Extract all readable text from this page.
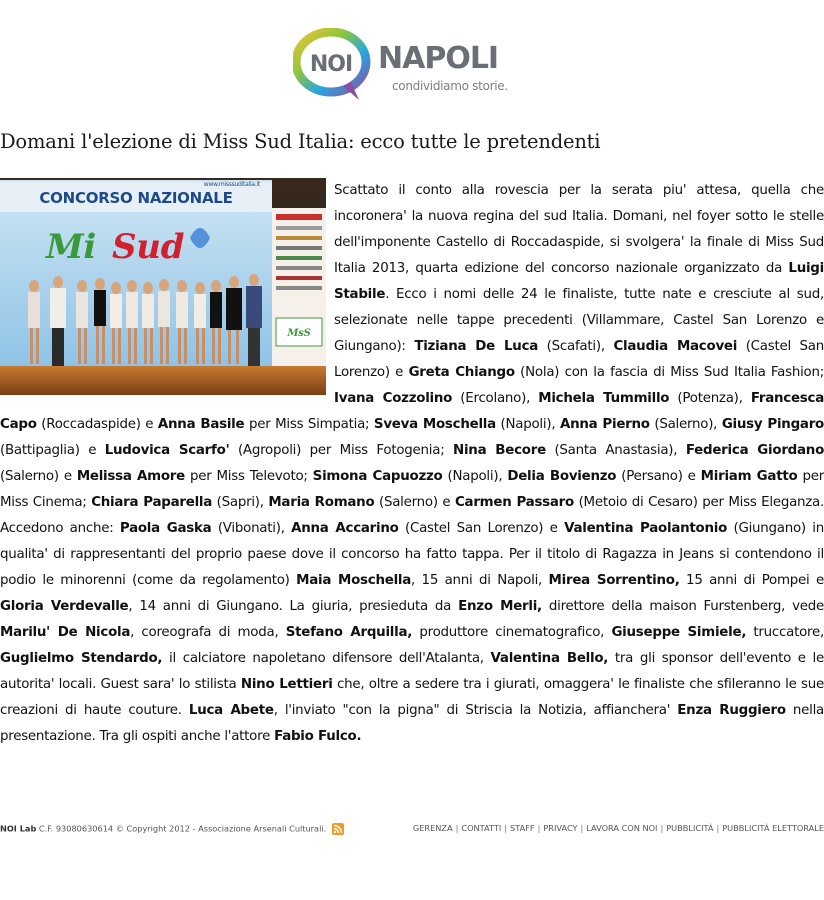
NOI NAPOLI
condividiamo storie.
Domani l'elezione di Miss Sud Italia: ecco tutte le pretendenti
CONCORSO NAZIONALE
www.misssuditalia.it
Mi Sud
MsS

Scattato il conto alla rovescia per la serata piu' attesa, quella che incoronera' la nuova regina del sud Italia. Domani, nel foyer sotto le stelle dell'imponente Castello di Roccadaspide, si svolgera' la finale di Miss Sud Italia 2013, quarta edizione del concorso nazionale organizzato da Luigi Stabile. Ecco i nomi delle 24 le finaliste, tutte nate e cresciute al sud, selezionate nelle tappe precedenti (Villammare, Castel San Lorenzo e Giungano): Tiziana De Luca (Scafati), Claudia Macovei (Castel San Lorenzo) e Greta Chiango (Nola) con la fascia di Miss Sud Italia Fashion; Ivana Cozzolino (Ercolano), Michela Tummillo (Potenza), Francesca Capo (Roccadaspide) e Anna Basile per Miss Simpatia; Sveva Moschella (Napoli), Anna Pierno (Salerno), Giusy Pingaro (Battipaglia) e Ludovica Scarfo' (Agropoli) per Miss Fotogenia; Nina Becore (Santa Anastasia), Federica Giordano (Salerno) e Melissa Amore per Miss Televoto; Simona Capuozzo (Napoli), Delia Bovienzo (Persano) e Miriam Gatto per Miss Cinema; Chiara Paparella (Sapri), Maria Romano (Salerno) e Carmen Passaro (Metoio di Cesaro) per Miss Eleganza. Accedono anche: Paola Gaska (Vibonati), Anna Accarino (Castel San Lorenzo) e Valentina Paolantonio (Giungano) in qualita' di rappresentanti del proprio paese dove il concorso ha fatto tappa. Per il titolo di Ragazza in Jeans si contendono il podio le minorenni (come da regolamento) Maia Moschella, 15 anni di Napoli, Mirea Sorrentino, 15 anni di Pompei e Gloria Verdevalle, 14 anni di Giungano. La giuria, presieduta da Enzo Merli, direttore della maison Furstenberg, vede Marilu' De Nicola, coreografa di moda, Stefano Arquilla, produttore cinematografico, Giuseppe Simiele, truccatore, Guglielmo Stendardo, il calciatore napoletano difensore dell'Atalanta, Valentina Bello, tra gli sponsor dell'evento e le autorita' locali. Guest sara' lo stilista Nino Lettieri che, oltre a sedere tra i giurati, omaggera' le finaliste che sfileranno le sue creazioni di haute couture. Luca Abete, l'inviato "con la pigna" di Striscia la Notizia, affianchera' Enza Ruggiero nella presentazione. Tra gli ospiti anche l'attore Fabio Fulco.

NOI Lab C.F. 93080630614 © Copyright 2012 - Associazione Arsenali Culturali.	GERENZA | CONTATTI | STAFF | PRIVACY | LAVORA CON NOI | PUBBLICITÀ | PUBBLICITÀ ELETTORALE
